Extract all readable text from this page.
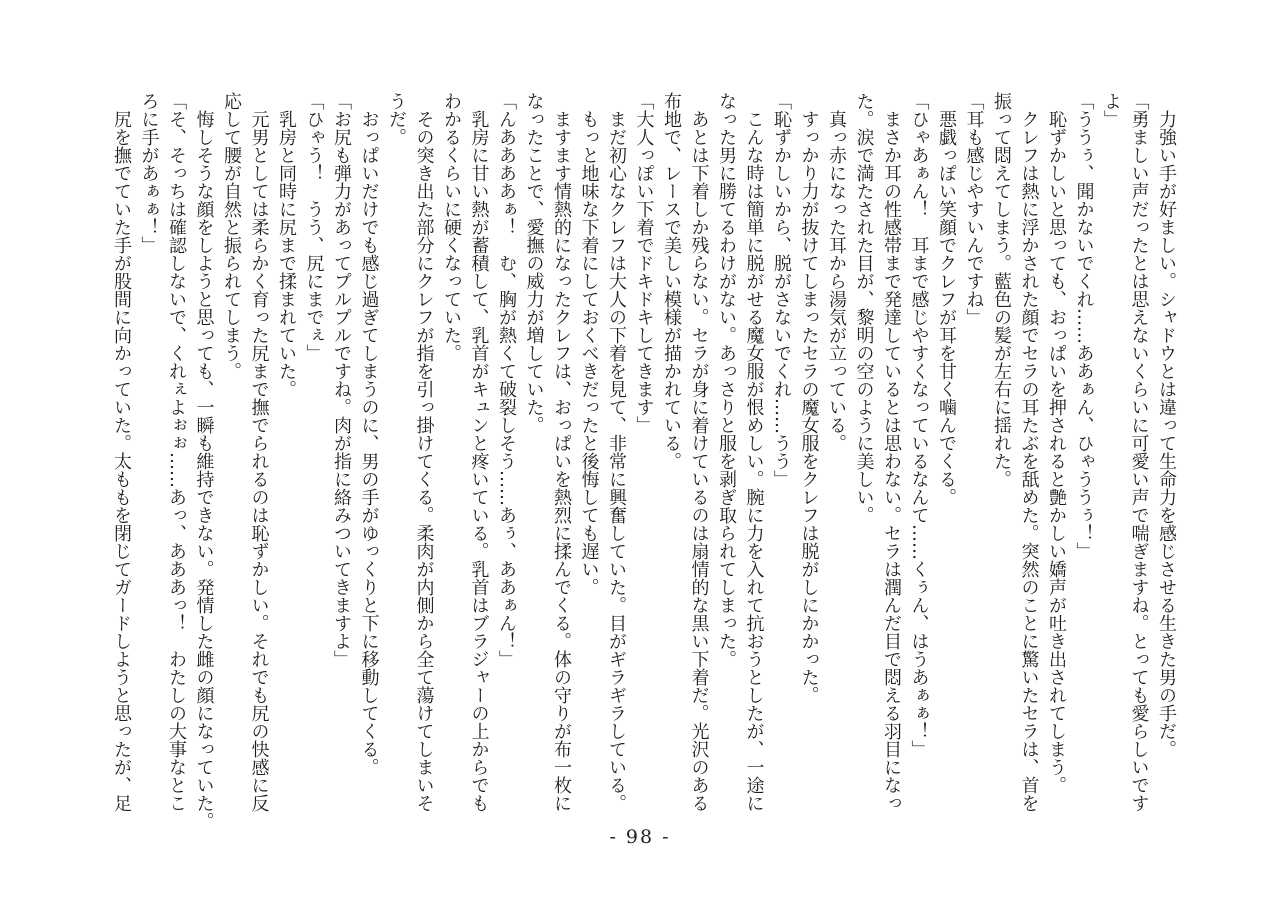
力強い手が好ましい。シャドウとは違って生命力を感じさせる生きた男の手だ。
「勇ましい声だったとは思えないくらいに可愛い声で喘ぎますね。とっても愛らしいです
よ」
「ううぅ、聞かないでくれ……ああぁん、ひゃううぅ！」
恥ずかしいと思っても、おっぱいを押されると艶かしい嬌声が吐き出されてしまう。
クレフは熱に浮かされた顔でセラの耳たぶを舐めた。突然のことに驚いたセラは、首を
振って悶えてしまう。藍色の髪が左右に揺れた。
「耳も感じやすいんですね」
悪戯っぽい笑顔でクレフが耳を甘く噛んでくる。
「ひゃあぁん！　耳まで感じやすくなっているなんて……くぅん、はうあぁぁ！」
まさか耳の性感帯まで発達しているとは思わない。セラは潤んだ目で悶える羽目になっ
た。涙で満たされた目が、黎明の空のように美しい。
真っ赤になった耳から湯気が立っている。
すっかり力が抜けてしまったセラの魔女服をクレフは脱がしにかかった。
「恥ずかしいから、脱がさないでくれ……うう」
こんな時は簡単に脱がせる魔女服が恨めしい。腕に力を入れて抗おうとしたが、一途に
なった男に勝てるわけがない。あっさりと服を剥ぎ取られてしまった。
あとは下着しか残らない。セラが身に着けているのは扇情的な黒い下着だ。光沢のある
布地で、レースで美しい模様が描かれている。
「大人っぽい下着でドキドキしてきます」
まだ初心なクレフは大人の下着を見て、非常に興奮していた。目がギラギラしている。
もっと地味な下着にしておくべきだったと後悔しても遅い。
ますます情熱的になったクレフは、おっぱいを熱烈に揉んでくる。体の守りが布一枚に
なったことで、愛撫の威力が増していた。
「んああああぁ！　む、胸が熱くて破裂しそう……あぅ、ああぁん！」
乳房に甘い熱が蓄積して、乳首がキュンと疼いている。乳首はブラジャーの上からでも
わかるくらいに硬くなっていた。
その突き出た部分にクレフが指を引っ掛けてくる。柔肉が内側から全て蕩けてしまいそ
うだ。
おっぱいだけでも感じ過ぎてしまうのに、男の手がゆっくりと下に移動してくる。
「お尻も弾力があってプルプルですね。肉が指に絡みついてきますよ」
「ひゃう！　うう、尻にまでぇ」
乳房と同時に尻まで揉まれていた。
元男としては柔らかく育った尻まで撫でられるのは恥ずかしい。それでも尻の快感に反
応して腰が自然と振られてしまう。
悔しそうな顔をしようと思っても、一瞬も維持できない。発情した雌の顔になっていた。
「そ、そっちは確認しないで、くれぇよぉぉ……あっ、あああっ！　わたしの大事なとこ
ろに手があぁぁ！」
尻を撫でていた手が股間に向かっていた。太ももを閉じてガードしようと思ったが、足
- 98 -
